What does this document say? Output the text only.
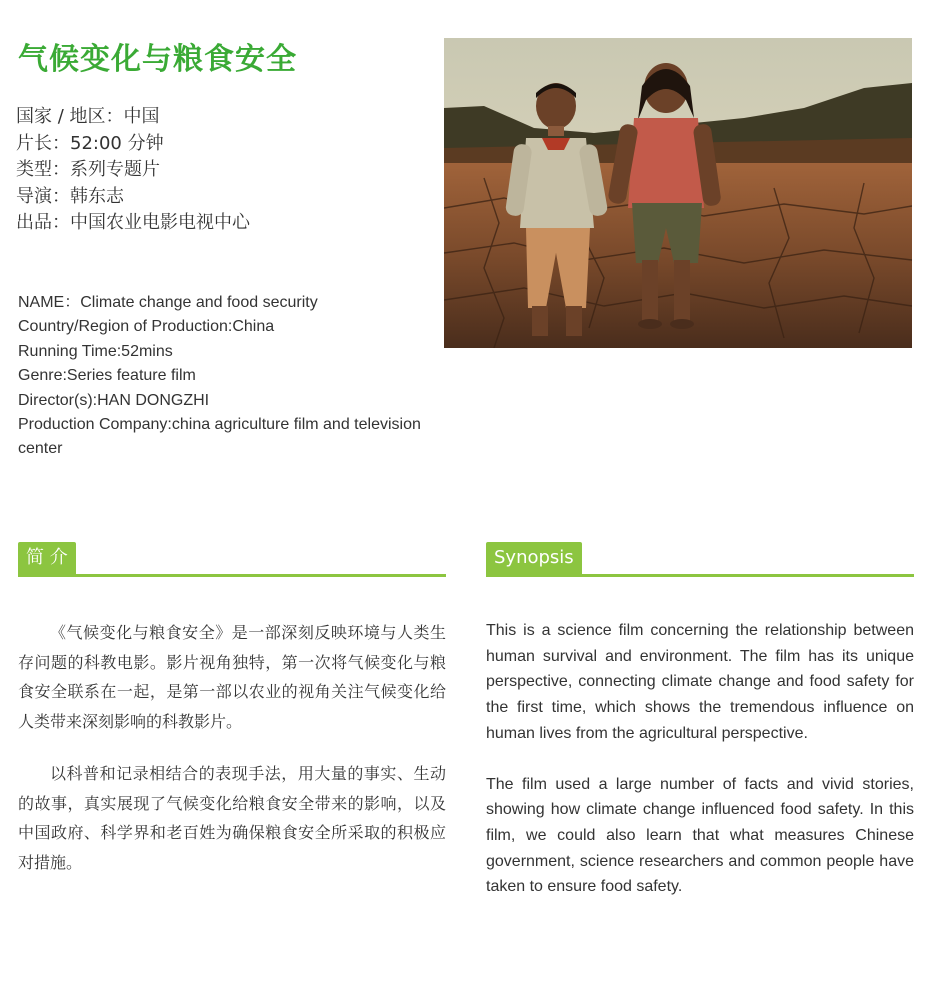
气候变化与粮食安全
国家 / 地区：中国
片长：52:00 分钟
类型：系列专题片
导演：韩东志
出品：中国农业电影电视中心
NAME：Climate change and food security
Country/Region of Production:China
Running Time:52mins
Genre:Series feature film
Director(s):HAN DONGZHI
Production Company:china agriculture film and television center
简 介	Synopsis

《气候变化与粮食安全》是一部深刻反映环境与人类生存问题的科教电影。影片视角独特，第一次将气候变化与粮食安全联系在一起，是第一部以农业的视角关注气候变化给人类带来深刻影响的科教影片。

以科普和记录相结合的表现手法，用大量的事实、生动的故事，真实展现了气候变化给粮食安全带来的影响，以及中国政府、科学界和老百姓为确保粮食安全所采取的积极应对措施。

This is a science film concerning the relationship between human survival and environment. The film has its unique perspective, connecting climate change and food safety for the first time, which shows the tremendous influence on human lives from the agricultural perspective.

The film used a large number of facts and vivid stories, showing how climate change influenced food safety. In this film, we could also learn that what measures Chinese government, science researchers and common people have taken to ensure food safety.
